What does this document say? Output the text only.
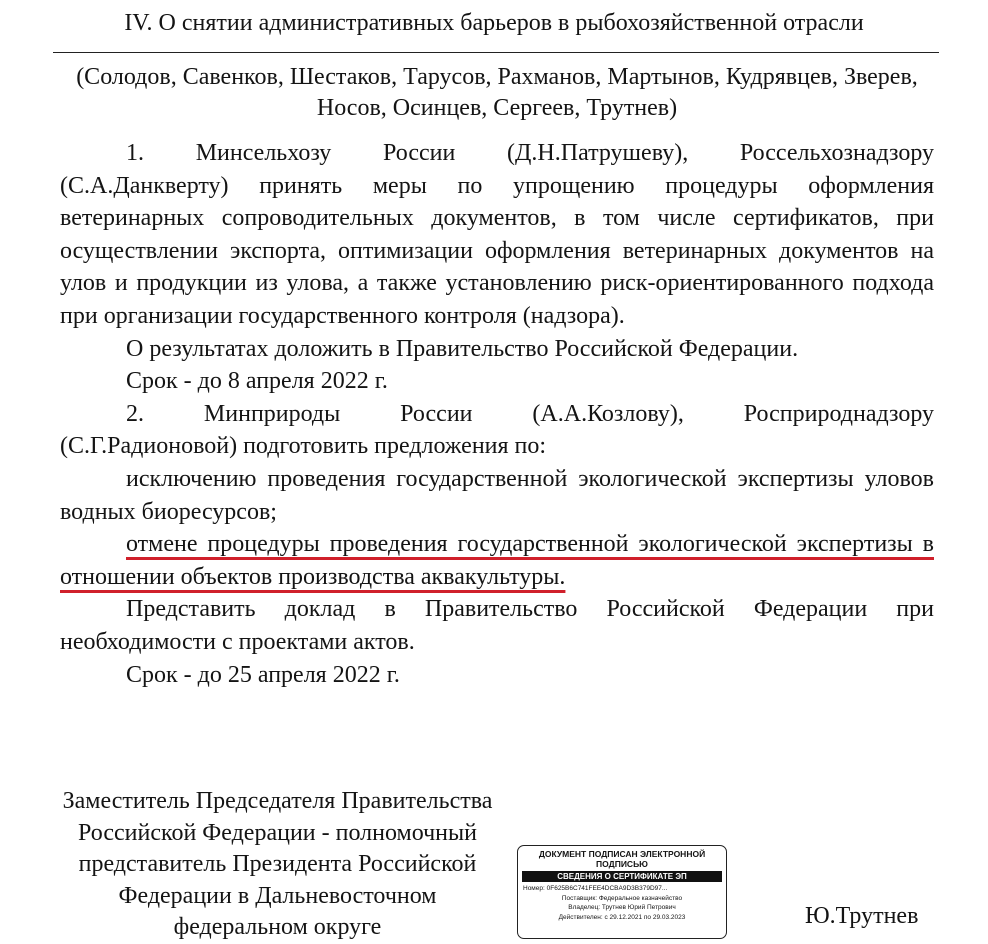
IV. О снятии административных барьеров в рыбохозяйственной отрасли
(Солодов, Савенков, Шестаков, Тарусов, Рахманов, Мартынов, Кудрявцев, Зверев, Носов, Осинцев, Сергеев, Трутнев)

1. Минсельхозу России (Д.Н.Патрушеву), Россельхознадзору

(С.А.Данкверту) принять меры по упрощению процедуры оформления ветеринарных сопроводительных документов, в том числе сертификатов, при осуществлении экспорта, оптимизации оформления ветеринарных документов на улов и продукции из улова, а также установлению риск-ориентированного подхода при организации государственного контроля (надзора).

О результатах доложить в Правительство Российской Федерации.

Срок - до 8 апреля 2022 г.

2. Минприроды России (А.А.Козлову), Росприроднадзору

(С.Г.Радионовой) подготовить предложения по:

исключению проведения государственной экологической экспертизы уловов водных биоресурсов;

отмене процедуры проведения государственной экологической экспертизы в отношении объектов производства аквакультуры.

Представить доклад в Правительство Российской Федерации при необходимости с проектами актов.

Срок - до 25 апреля 2022 г.

Заместитель Председателя Правительства Российской Федерации - полномочный представитель Президента Российской Федерации в Дальневосточном федеральном округе
ДОКУМЕНТ ПОДПИСАН ЭЛЕКТРОННОЙ ПОДПИСЬЮ
СВЕДЕНИЯ О СЕРТИФИКАТЕ ЭП
Номер: 0F625B6C741FEE4DCBA9D3B379D97...
Поставщик: Федеральное казначейство
Владелец: Трутнев Юрий Петрович
Действителен: с 29.12.2021 по 29.03.2023	Ю.Трутнев
